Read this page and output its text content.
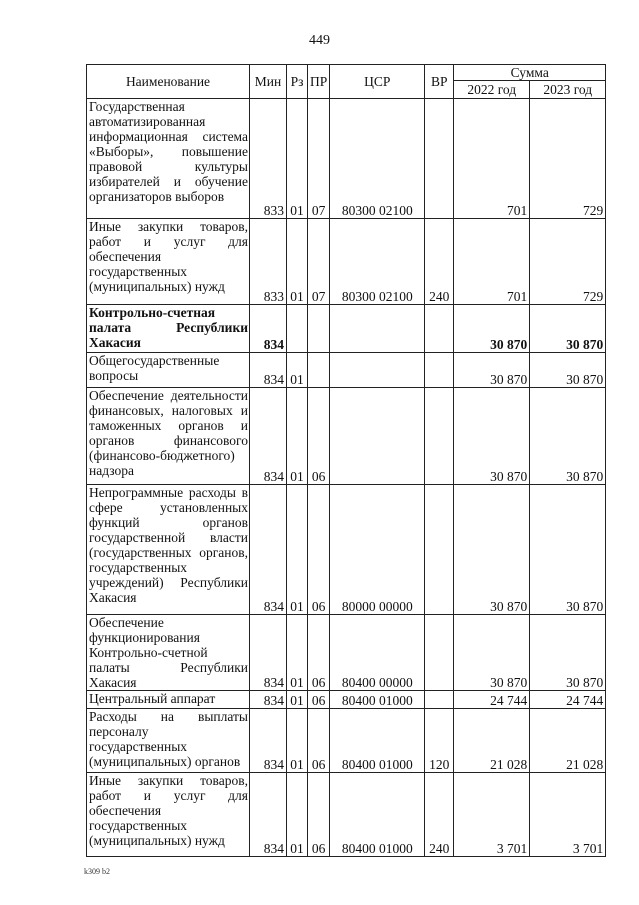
449
Наименование	Мин	Рз	ПР	ЦСР	ВР	Сумма	
						2022 год	2023 год
Государственная автоматизированная информационная система «Выборы», повышение правовой культуры избирателей и обучение организаторов выборов	833	01	07	80300 02100		701	729
Иные закупки товаров, работ и услуг для обеспечения государственных (муниципальных) нужд	833	01	07	80300 02100	240	701	729
Контрольно-счетная палата Республики Хакасия	834					30 870	30 870
Общегосударственные вопросы	834	01				30 870	30 870
Обеспечение деятельности финансовых, налоговых и таможенных органов и органов финансового (финансово-бюджетного) надзора	834	01	06			30 870	30 870
Непрограммные расходы в сфере установленных функций органов государственной власти (государственных органов, государственных учреждений) Республики Хакасия	834	01	06	80000 00000		30 870	30 870
Обеспечение функционирования Контрольно-счетной палаты Республики Хакасия	834	01	06	80400 00000		30 870	30 870
Центральный аппарат	834	01	06	80400 01000		24 744	24 744
Расходы на выплаты персоналу государственных (муниципальных) органов	834	01	06	80400 01000	120	21 028	21 028
Иные закупки товаров, работ и услуг для обеспечения государственных (муниципальных) нужд	834	01	06	80400 01000	240	3 701	3 701
k309 b2
